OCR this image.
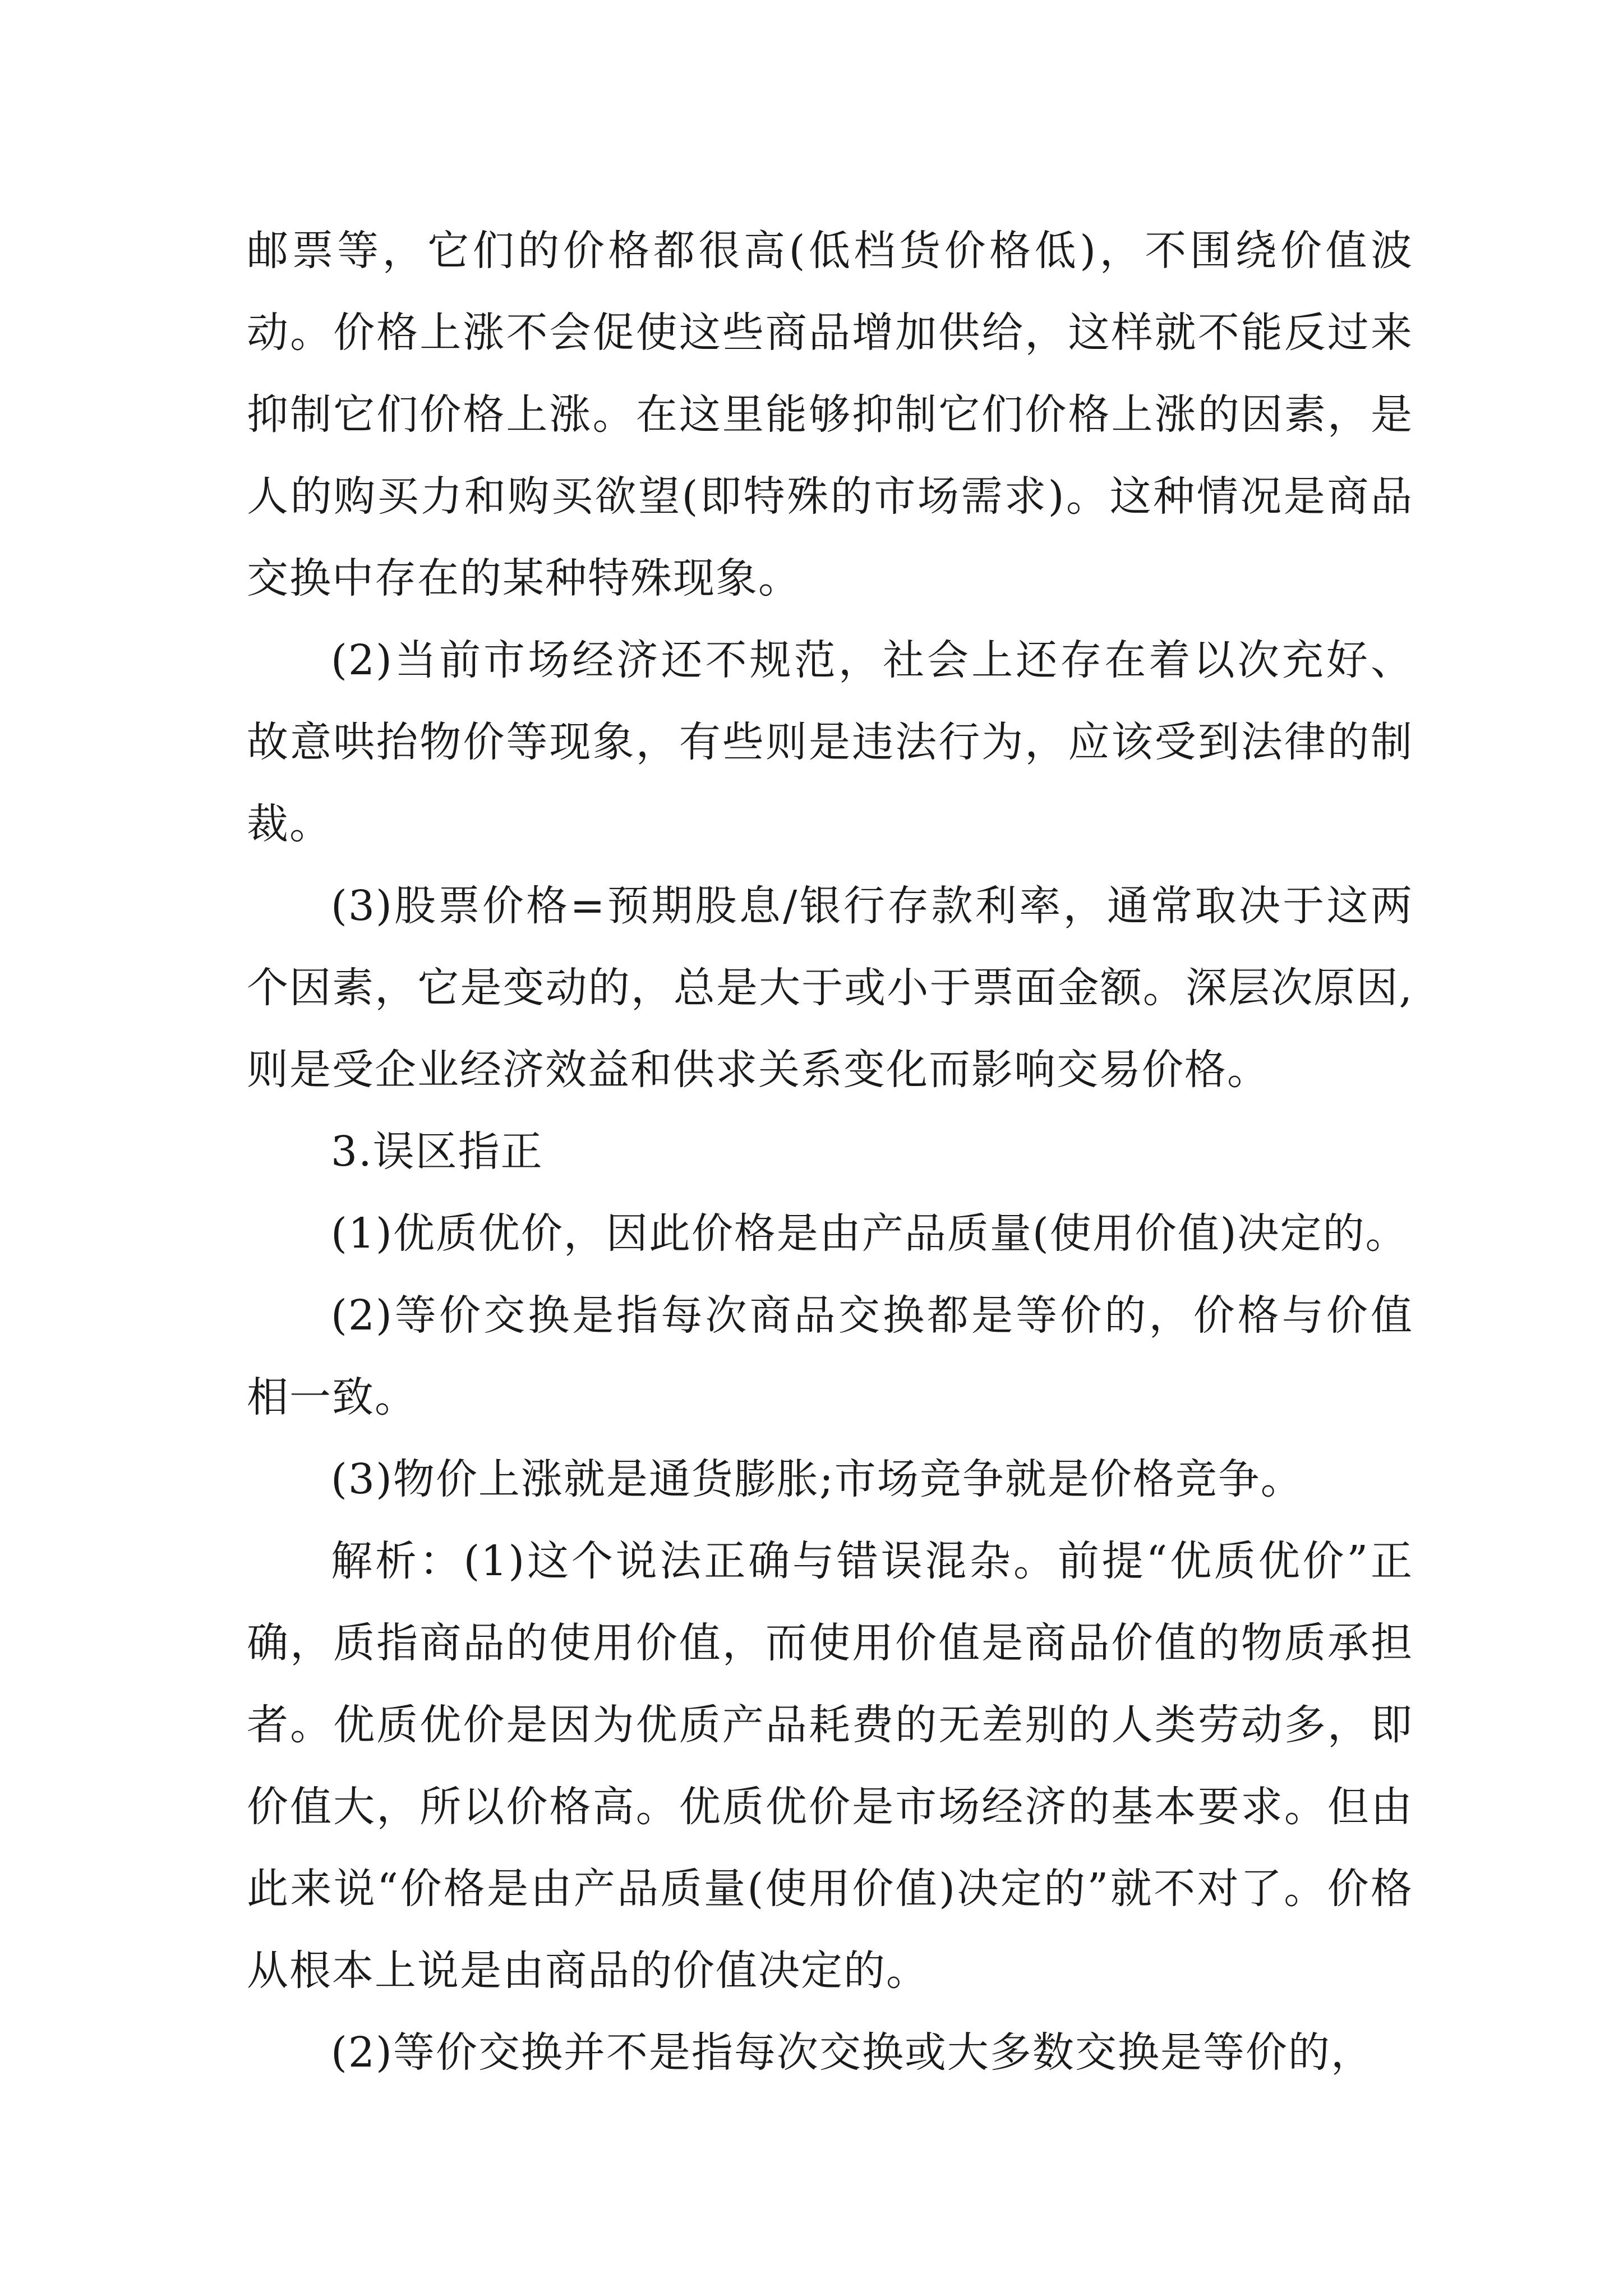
邮票等，它们的价格都很高(低档货价格低)，不围绕价值波动。价格上涨不会促使这些商品增加供给，这样就不能反过来抑制它们价格上涨。在这里能够抑制它们价格上涨的因素，是人的购买力和购买欲望(即特殊的市场需求)。这种情况是商品交换中存在的某种特殊现象。

(2)当前市场经济还不规范，社会上还存在着以次充好、故意哄抬物价等现象，有些则是违法行为，应该受到法律的制裁。

(3)股票价格=预期股息/银行存款利率，通常取决于这两个因素，它是变动的，总是大于或小于票面金额。深层次原因,则是受企业经济效益和供求关系变化而影响交易价格。

3.误区指正

(1)优质优价，因此价格是由产品质量(使用价值)决定的。

(2)等价交换是指每次商品交换都是等价的，价格与价值相一致。

(3)物价上涨就是通货膨胀;市场竞争就是价格竞争。

解析：(1)这个说法正确与错误混杂。前提“优质优价”正确，质指商品的使用价值，而使用价值是商品价值的物质承担者。优质优价是因为优质产品耗费的无差别的人类劳动多，即价值大，所以价格高。优质优价是市场经济的基本要求。但由此来说“价格是由产品质量(使用价值)决定的”就不对了。价格从根本上说是由商品的价值决定的。

(2)等价交换并不是指每次交换或大多数交换是等价的，
